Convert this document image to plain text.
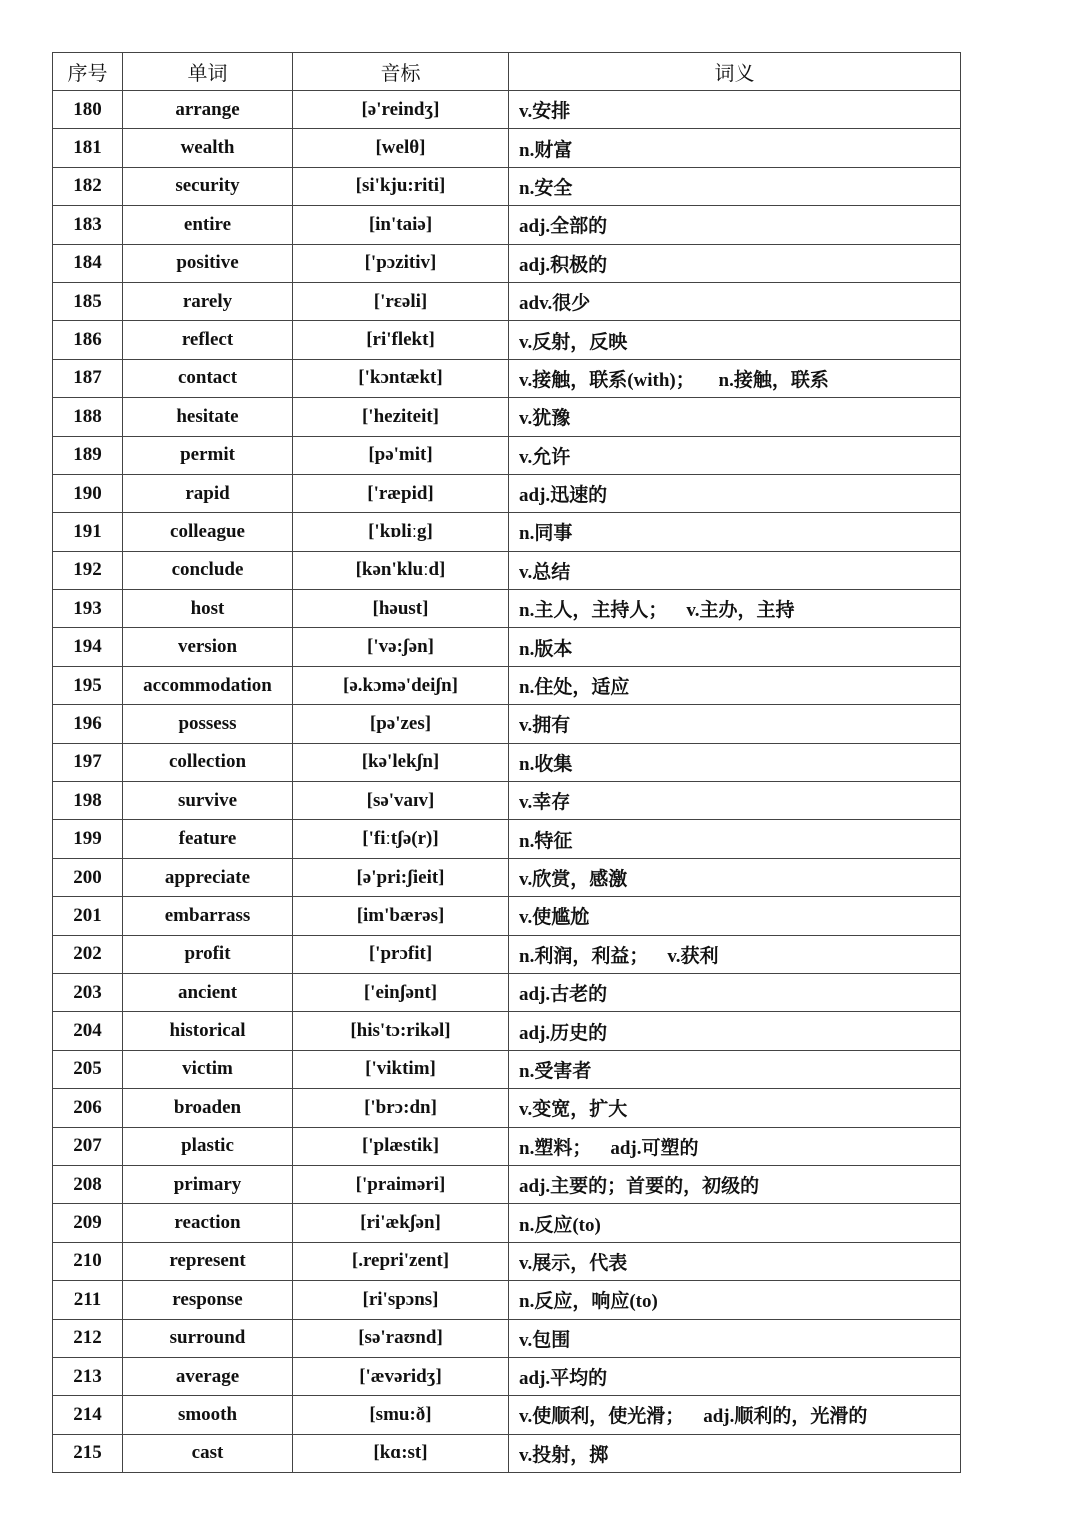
序号	单词	音标	词义
180	arrange	[ə'reindʒ]	v.安排
181	wealth	[welθ]	n.财富
182	security	[si'kju:riti]	n.安全
183	entire	[in'taiə]	adj.全部的
184	positive	['pɔzitiv]	adj.积极的
185	rarely	['rɛəli]	adv.很少
186	reflect	[ri'flekt]	v.反射，反映
187	contact	['kɔntækt]	v.接触，联系(with)；     n.接触，联系
188	hesitate	['heziteit]	v.犹豫
189	permit	[pə'mit]	v.允许
190	rapid	['ræpid]	adj.迅速的
191	colleague	['kɒliːg]	n.同事
192	conclude	[kən'kluːd]	v.总结
193	host	[həust]	n.主人，主持人；    v.主办，主持
194	version	['və:ʃən]	n.版本
195	accommodation	[ə.kɔmə'deiʃn]	n.住处，适应
196	possess	[pə'zes]	v.拥有
197	collection	[kə'lekʃn]	n.收集
198	survive	[sə'vaɪv]	v.幸存
199	feature	['fiːtʃə(r)]	n.特征
200	appreciate	[ə'pri:ʃieit]	v.欣赏，感激
201	embarrass	[im'bærəs]	v.使尴尬
202	profit	['prɔfit]	n.利润，利益；    v.获利
203	ancient	['einʃənt]	adj.古老的
204	historical	[his'tɔ:rikəl]	adj.历史的
205	victim	['viktim]	n.受害者
206	broaden	['brɔ:dn]	v.变宽，扩大
207	plastic	['plæstik]	n.塑料；    adj.可塑的
208	primary	['praiməri]	adj.主要的；首要的，初级的
209	reaction	[ri'ækʃən]	n.反应(to)
210	represent	[.repri'zent]	v.展示，代表
211	response	[ri'spɔns]	n.反应，响应(to)
212	surround	[sə'raʊnd]	v.包围
213	average	['ævəridʒ]	adj.平均的
214	smooth	[smu:ð]	v.使顺利，使光滑；    adj.顺利的，光滑的
215	cast	[kɑ:st]	v.投射，掷
